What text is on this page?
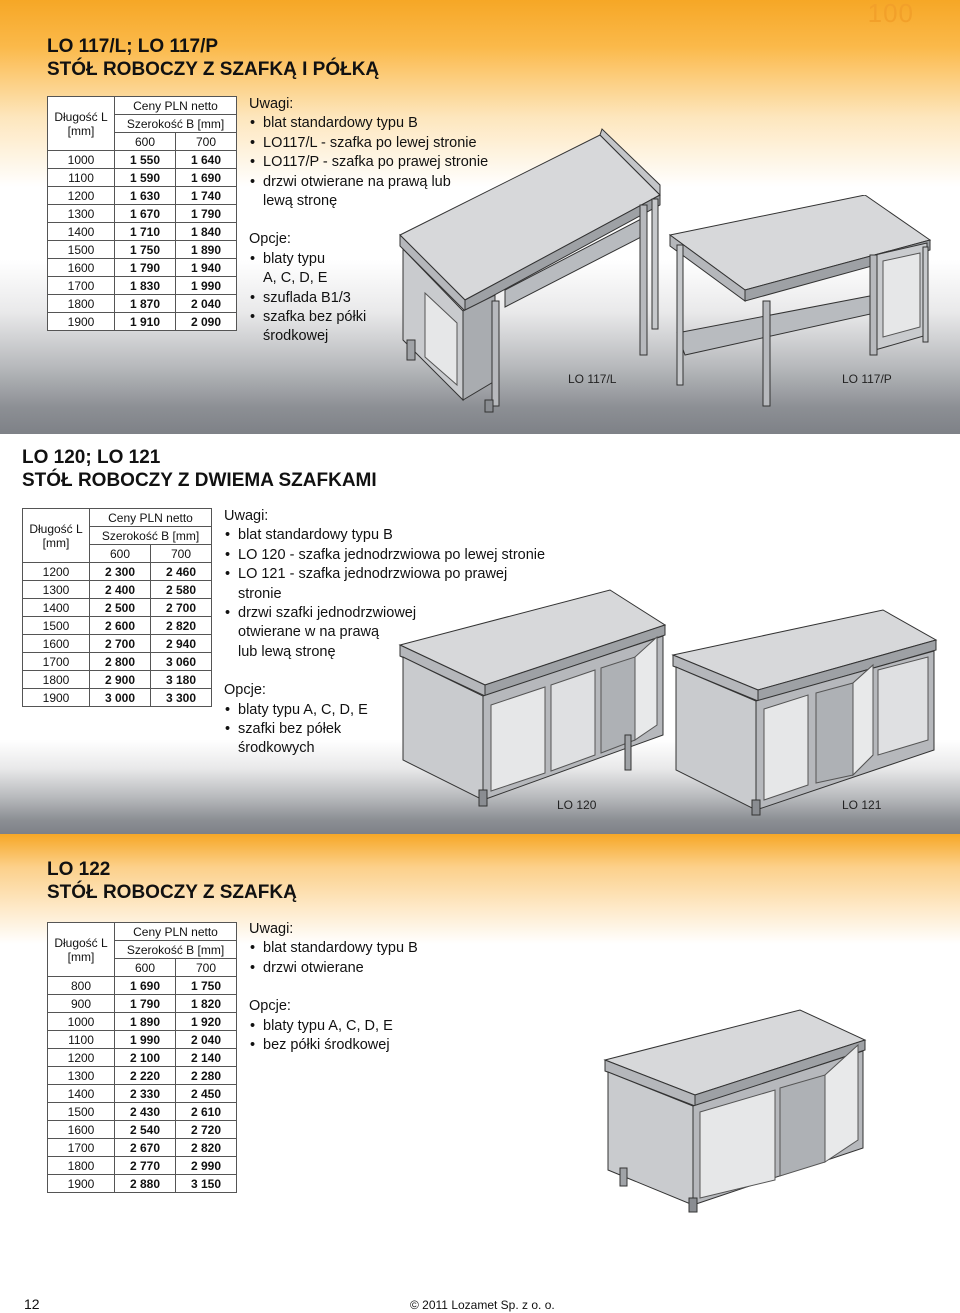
100
LO 117/L; LO 117/P
STÓŁ ROBOCZY Z SZAFKĄ I PÓŁKĄ
Długość L [mm]	Ceny PLN netto	
	Szerokość B [mm]	
	600	700
1000	1 550	1 640
1100	1 590	1 690
1200	1 630	1 740
1300	1 670	1 790
1400	1 710	1 840
1500	1 750	1 890
1600	1 790	1 940
1700	1 830	1 990
1800	1 870	2 040
1900	1 910	2 090
Uwagi:
• blat standardowy typu B
• LO117/L - szafka po lewej stronie
• LO117/P - szafka po prawej stronie
• drzwi otwierane na prawą lub
lewą stronę
Opcje:
• blaty typu
A, C, D, E
• szuflada B1/3
• szafka bez półki
środkowej
LO 117/L	LO 117/P
LO 120; LO 121
STÓŁ ROBOCZY Z DWIEMA SZAFKAMI
Długość L [mm]	Ceny PLN netto	
	Szerokość B [mm]	
	600	700
1200	2 300	2 460
1300	2 400	2 580
1400	2 500	2 700
1500	2 600	2 820
1600	2 700	2 940
1700	2 800	3 060
1800	2 900	3 180
1900	3 000	3 300
Uwagi:
• blat standardowy typu B
• LO 120 - szafka jednodrzwiowa po lewej stronie
• LO 121 - szafka jednodrzwiowa po prawej
stronie
• drzwi szafki jednodrzwiowej
otwierane w na prawą
lub lewą stronę
Opcje:
• blaty typu A, C, D, E
• szafki bez półek
środkowych
LO 120	LO 121
LO 122
STÓŁ ROBOCZY Z SZAFKĄ
Długość L [mm]	Ceny PLN netto	
	Szerokość B [mm]	
	600	700
800	1 690	1 750
900	1 790	1 820
1000	1 890	1 920
1100	1 990	2 040
1200	2 100	2 140
1300	2 220	2 280
1400	2 330	2 450
1500	2 430	2 610
1600	2 540	2 720
1700	2 670	2 820
1800	2 770	2 990
1900	2 880	3 150
Uwagi:
• blat standardowy typu B
• drzwi otwierane
Opcje:
• blaty typu A, C, D, E
• bez półki środkowej
12	© 2011 Lozamet Sp. z o. o.
